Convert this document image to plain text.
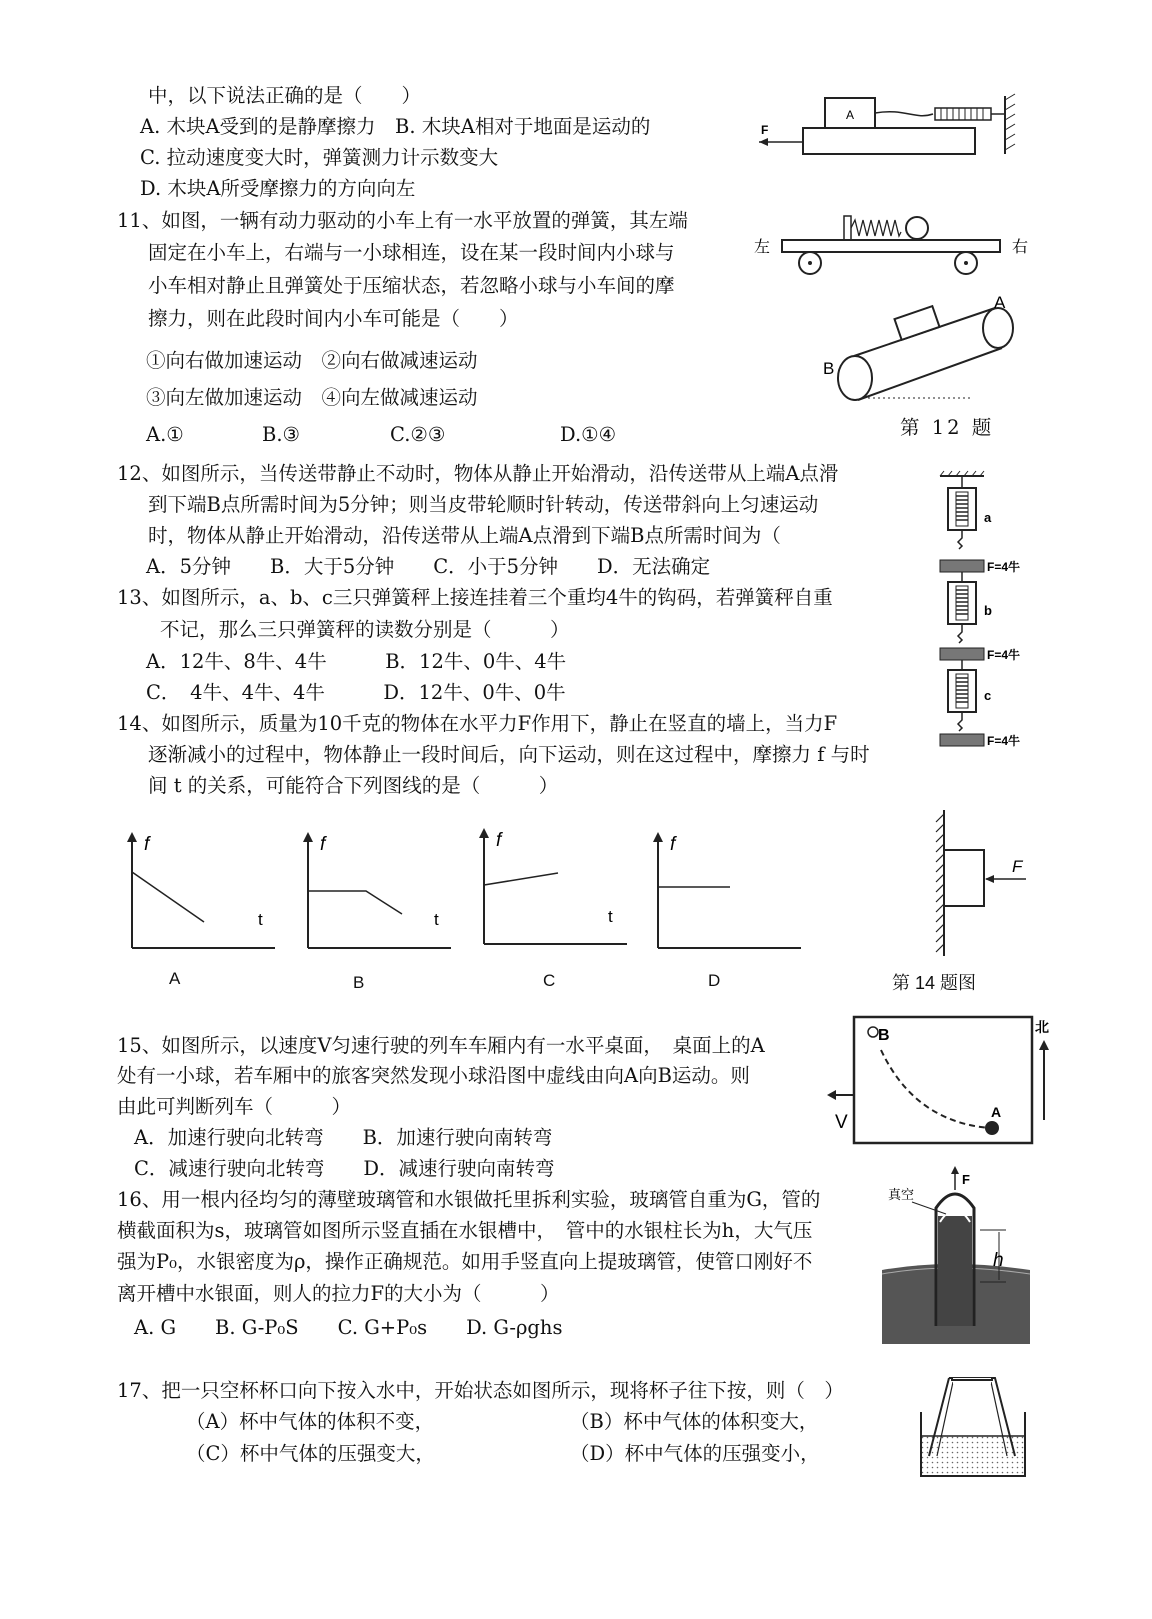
中，以下说法正确的是（　　）
A. 木块A受到的是静摩擦力　B. 木块A相对于地面是运动的
C. 拉动速度变大时，弹簧测力计示数变大
D. 木块A所受摩擦力的方向向左
A
F
11、如图，一辆有动力驱动的小车上有一水平放置的弹簧，其左端
固定在小车上，右端与一小球相连，设在某一段时间内小球与
小车相对静止且弹簧处于压缩状态，若忽略小球与小车间的摩
擦力，则在此段时间内小车可能是（　　）
①向右做加速运动　②向右做减速运动
③向左做加速运动　④向左做减速运动
A.①	B.③	C.②③	D.①④
左	右
A
B
第 12 题
12、如图所示，当传送带静止不动时，物体从静止开始滑动，沿传送带从上端A点滑
到下端B点所需时间为5分钟；则当皮带轮顺时针转动，传送带斜向上匀速运动
时，物体从静止开始滑动，沿传送带从上端A点滑到下端B点所需时间为（
A．5分钟　　B．大于5分钟　　C．小于5分钟　　D．无法确定
13、如图所示，a、b、c三只弹簧秤上接连挂着三个重均4牛的钩码，若弹簧秤自重
不记，那么三只弹簧秤的读数分别是（　　　）
A．12牛、8牛、4牛　　　B．12牛、0牛、4牛
C．　4牛、4牛、4牛　　　D．12牛、0牛、0牛
a
F=4牛
b
F=4牛
c
F=4牛
14、如图所示，质量为10千克的物体在水平力F作用下，静止在竖直的墙上，当力F
逐渐减小的过程中，物体静止一段时间后，向下运动，则在这过程中，摩擦力 f 与时
间 t 的关系，可能符合下列图线的是（　　　）
f
t
A
f
t
B
f
t
C
f
D
F
第 14 题图
15、如图所示，以速度V匀速行驶的列车车厢内有一水平桌面，　桌面上的A
处有一小球，若车厢中的旅客突然发现小球沿图中虚线由向A向B运动。则
由此可判断列车（　　　）
A．加速行驶向北转弯　　B．加速行驶向南转弯
C．减速行驶向北转弯　　D．减速行驶向南转弯
B
A
V
北
16、用一根内径均匀的薄壁玻璃管和水银做托里拆利实验，玻璃管自重为G，管的
横截面积为s，玻璃管如图所示竖直插在水银槽中，　管中的水银柱长为h，大气压
强为P₀，水银密度为ρ，操作正确规范。如用手竖直向上提玻璃管，使管口刚好不
离开槽中水银面，则人的拉力F的大小为（　　　）
A. G　　B. G-P₀S　　C. G+P₀s　　D. G-ρghs
F
真空
h
17、把一只空杯杯口向下按入水中，开始状态如图所示，现将杯子往下按，则（　）
（A）杯中气体的体积不变，	（B）杯中气体的体积变大，
（C）杯中气体的压强变大，	（D）杯中气体的压强变小，
